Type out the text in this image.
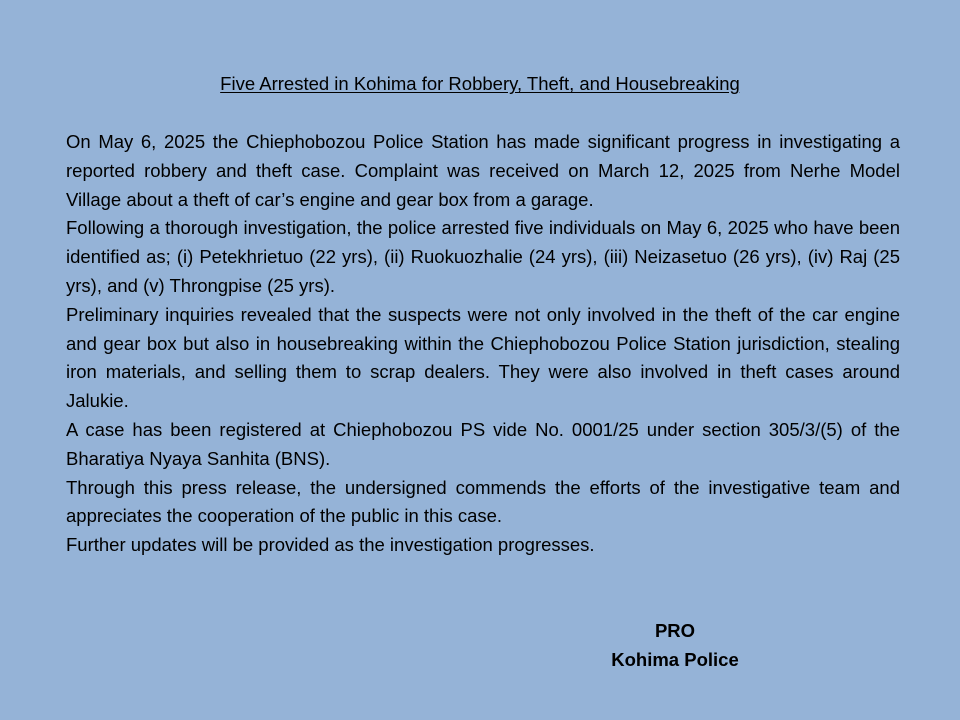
Five Arrested in Kohima for Robbery, Theft, and Housebreaking

On May 6, 2025 the Chiephobozou Police Station has made significant progress in investigating a reported robbery and theft case. Complaint was received on March 12, 2025 from Nerhe Model Village about a theft of car’s engine and gear box from a garage.

Following a thorough investigation, the police arrested five individuals on May 6, 2025 who have been identified as; (i) Petekhrietuo (22 yrs), (ii) Ruokuozhalie (24 yrs), (iii) Neizasetuo (26 yrs), (iv) Raj (25 yrs), and (v) Throngpise (25 yrs).

Preliminary inquiries revealed that the suspects were not only involved in the theft of the car engine and gear box but also in housebreaking within the Chiephobozou Police Station jurisdiction, stealing iron materials, and selling them to scrap dealers. They were also involved in theft cases around Jalukie.

A case has been registered at Chiephobozou PS vide No. 0001/25 under section 305/3/(5) of the Bharatiya Nyaya Sanhita (BNS).

Through this press release, the undersigned commends the efforts of the investigative team and appreciates the cooperation of the public in this case.

Further updates will be provided as the investigation progresses.

PRO
Kohima Police
